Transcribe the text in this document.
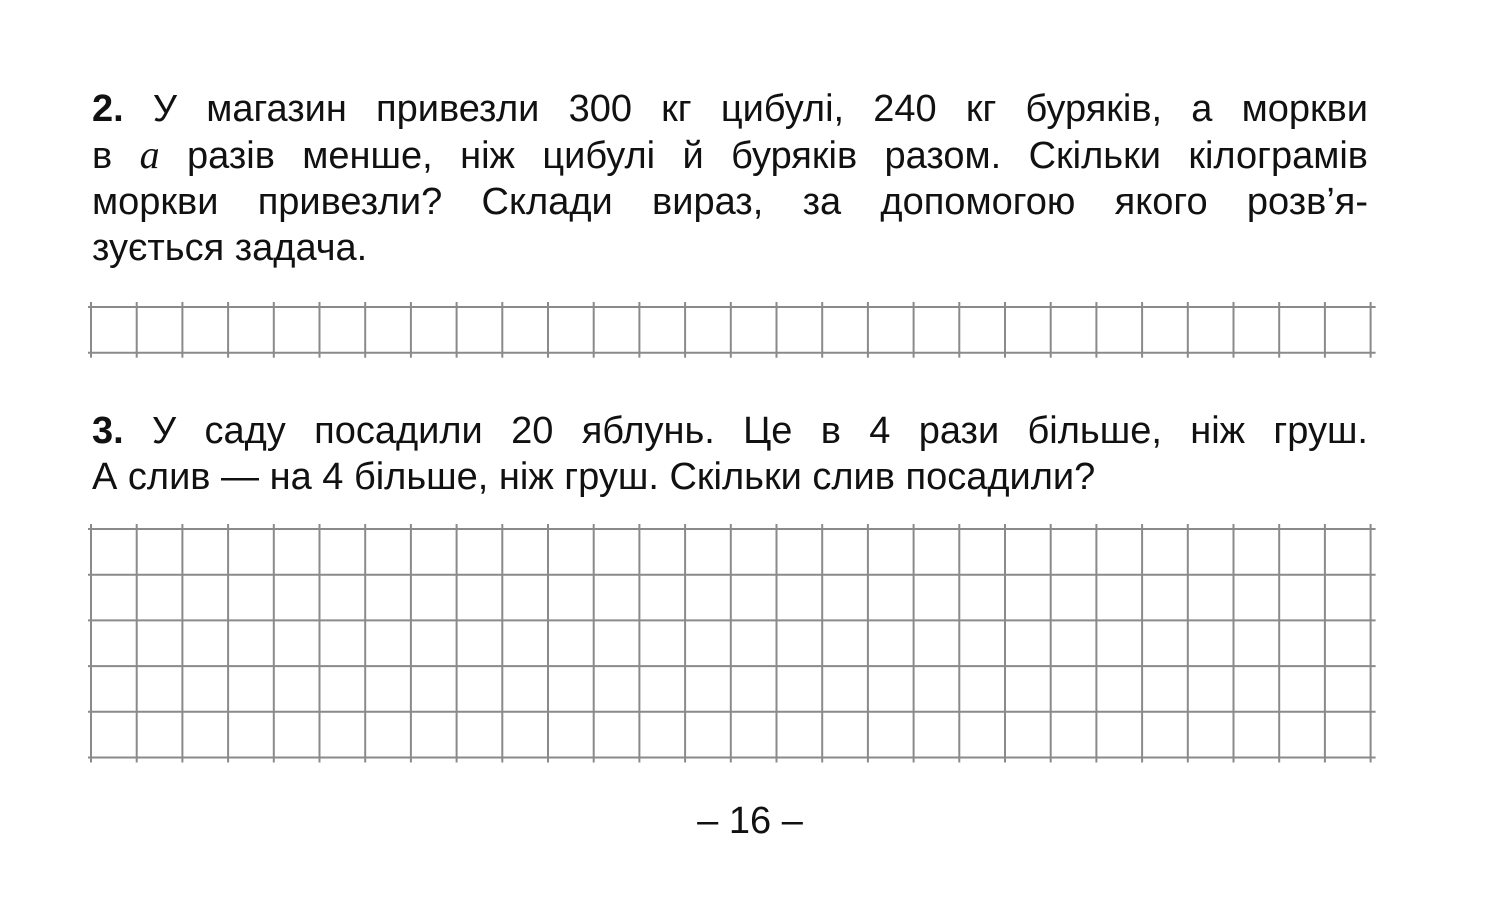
2. У магазин привезли 300 кг цибулі, 240 кг буряків, а моркви
в a разів менше, ніж цибулі й буряків разом. Скільки кілограмів
моркви привезли? Склади вираз, за допомогою якого розв’я-
зується задача.
3. У саду посадили 20 яблунь. Це в 4 рази більше, ніж груш.
А слив — на 4 більше, ніж груш. Скільки слив посадили?
– 16 –
